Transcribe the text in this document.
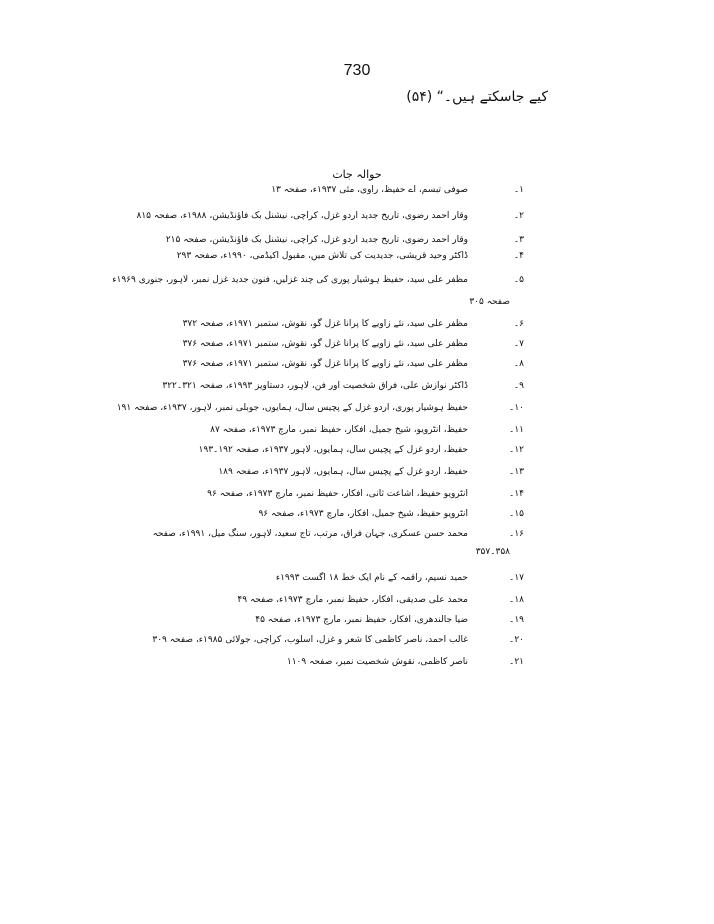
730
کیے جاسکتے ہیں۔“ (۵۴)
حوالہ جات
۱۔
صوفی تبسم، اے حفیظ، راوی، مئی ۱۹۳۷ء، صفحہ ۱۳
۲۔
وقار احمد رضوی، تاریخ جدید اردو غزل، کراچی، نیشنل بک فاؤنڈیشن، ۱۹۸۸ء، صفحہ ۸۱۵
۳۔
وقار احمد رضوی، تاریخ جدید اردو غزل، کراچی، نیشنل بک فاؤنڈیشن، صفحہ ۲۱۵
۴۔
ڈاکٹر وحید قریشی، جدیدیت کی تلاش میں، مقبول اکیڈمی، ۱۹۹۰ء، صفحہ ۲۹۳
۵۔
مظفر علی سید، حفیظ ہوشیار پوری کی چند غزلیں، فنون جدید غزل نمبر، لاہور، جنوری ۱۹۶۹ء
۶۔
مظفر علی سید، نئے زاویے کا پرانا غزل گو، نقوش، ستمبر ۱۹۷۱ء، صفحہ ۳۷۲
۷۔
مظفر علی سید، نئے زاویے کا پرانا غزل گو، نقوش، ستمبر ۱۹۷۱ء، صفحہ ۳۷۶
۸۔
مظفر علی سید، نئے زاویے کا پرانا غزل گو، نقوش، ستمبر ۱۹۷۱ء، صفحہ ۳۷۶
۹۔
ڈاکٹر نوازش علی، فراق شخصیت اور فن، لاہور، دستاویز ۱۹۹۳ء، صفحہ ۳۲۱۔۳۲۲
۱۰۔
حفیظ ہوشیار پوری، اردو غزل کے پچیس سال، ہمایوں، جوبلی نمبر، لاہور، ۱۹۳۷ء، صفحہ ۱۹۱
۱۱۔
حفیظ، انٹرویو، شیخ جمیل، افکار، حفیظ نمبر، مارچ ۱۹۷۳ء، صفحہ ۸۷
۱۲۔
حفیظ، اردو غزل کے پچیس سال، ہمایوں، لاہور ۱۹۳۷ء، صفحہ ۱۹۲۔۱۹۳
۱۳۔
حفیظ، اردو غزل کے پچیس سال، ہمایوں، لاہور ۱۹۳۷ء، صفحہ ۱۸۹
۱۴۔
انٹرویو حفیظ، اشاعت ثانی، افکار، حفیظ نمبر، مارچ ۱۹۷۳ء، صفحہ ۹۶
۱۵۔
انٹرویو حفیظ، شیخ جمیل، افکار، مارچ ۱۹۷۳ء، صفحہ ۹۶
۱۶۔
محمد حسن عسکری، جہان فراق، مرتب، تاج سعید، لاہور، سنگ میل، ۱۹۹۱ء، صفحہ
۱۷۔
حمید نسیم، راقمہ کے نام ایک خط ۱۸ اگست ۱۹۹۳ء
۱۸۔
محمد علی صدیقی، افکار، حفیظ نمبر، مارچ ۱۹۷۳ء، صفحہ ۴۹
۱۹۔
ضیا جالندھری، افکار، حفیظ نمبر، مارچ ۱۹۷۳ء، صفحہ ۴۵
۲۰۔
غالب احمد، ناصر کاظمی کا شعر و غزل، اسلوب، کراچی، جولائی ۱۹۸۵ء، صفحہ ۳۰۹
۲۱۔
ناصر کاظمی، نقوش شخصیت نمبر، صفحہ ۱۱۰۹
صفحہ ۳۰۵
۳۵۸۔۳۵۷
